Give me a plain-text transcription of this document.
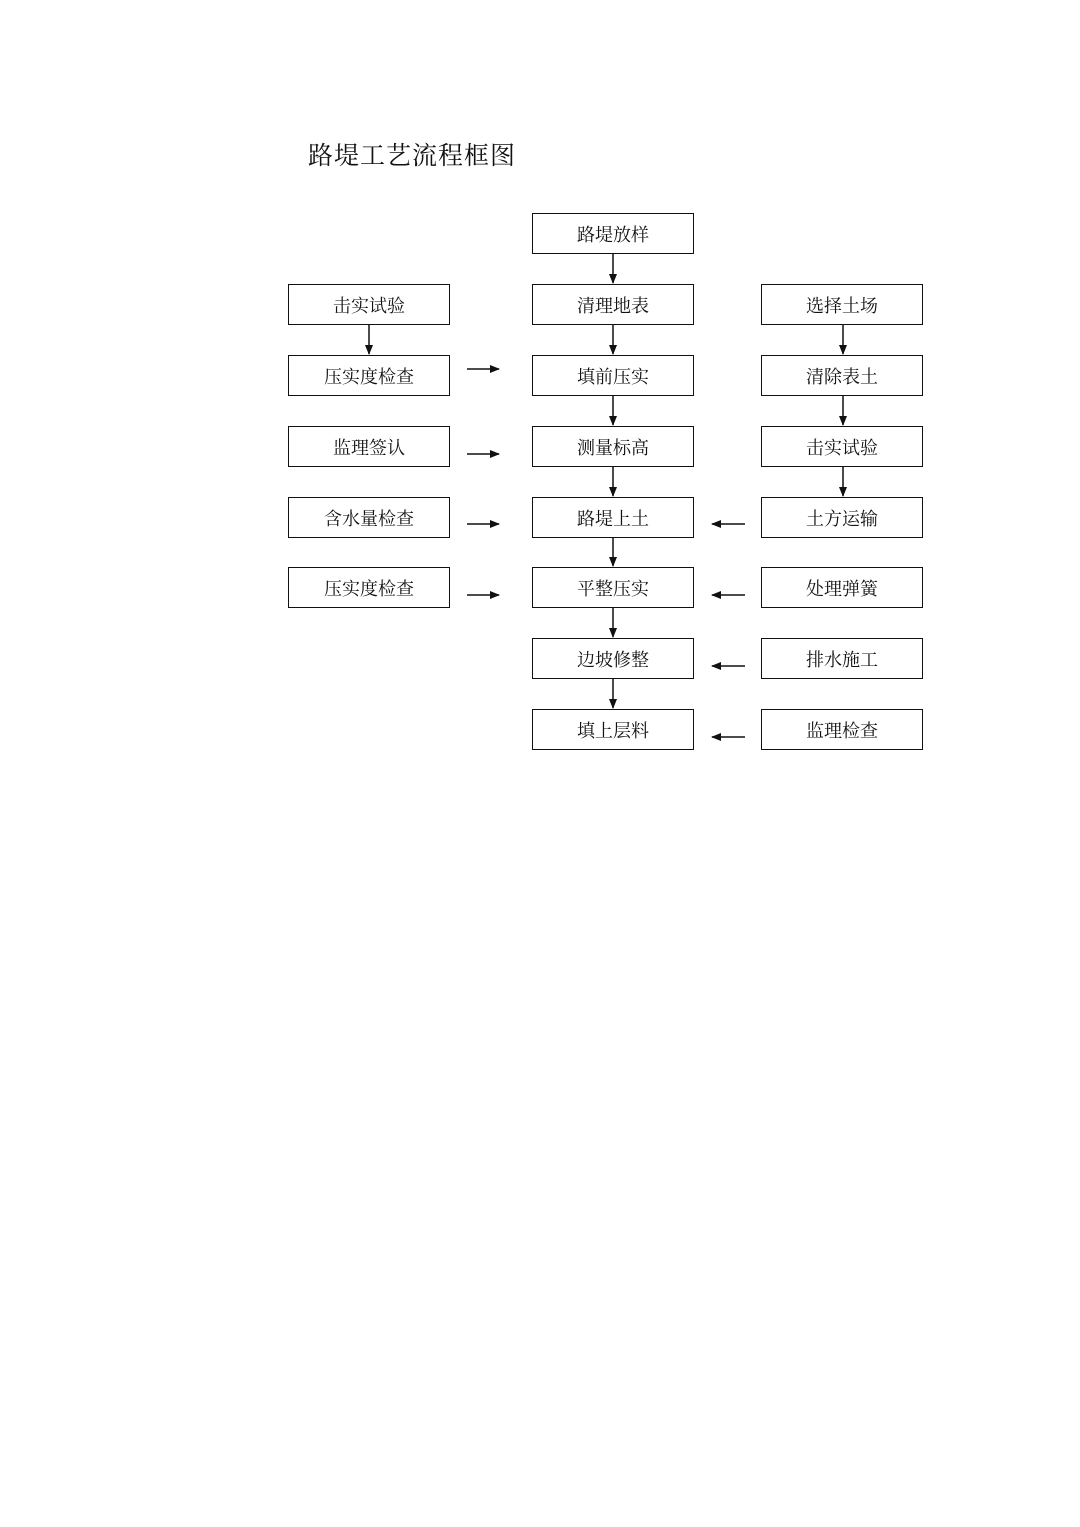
路堤工艺流程框图
路堤放样
清理地表
填前压实
测量标高
路堤上土
平整压实
边坡修整
填上层料
击实试验
压实度检查
监理签认
含水量检查
压实度检查
选择土场
清除表土
击实试验
土方运输
处理弹簧
排水施工
监理检查
